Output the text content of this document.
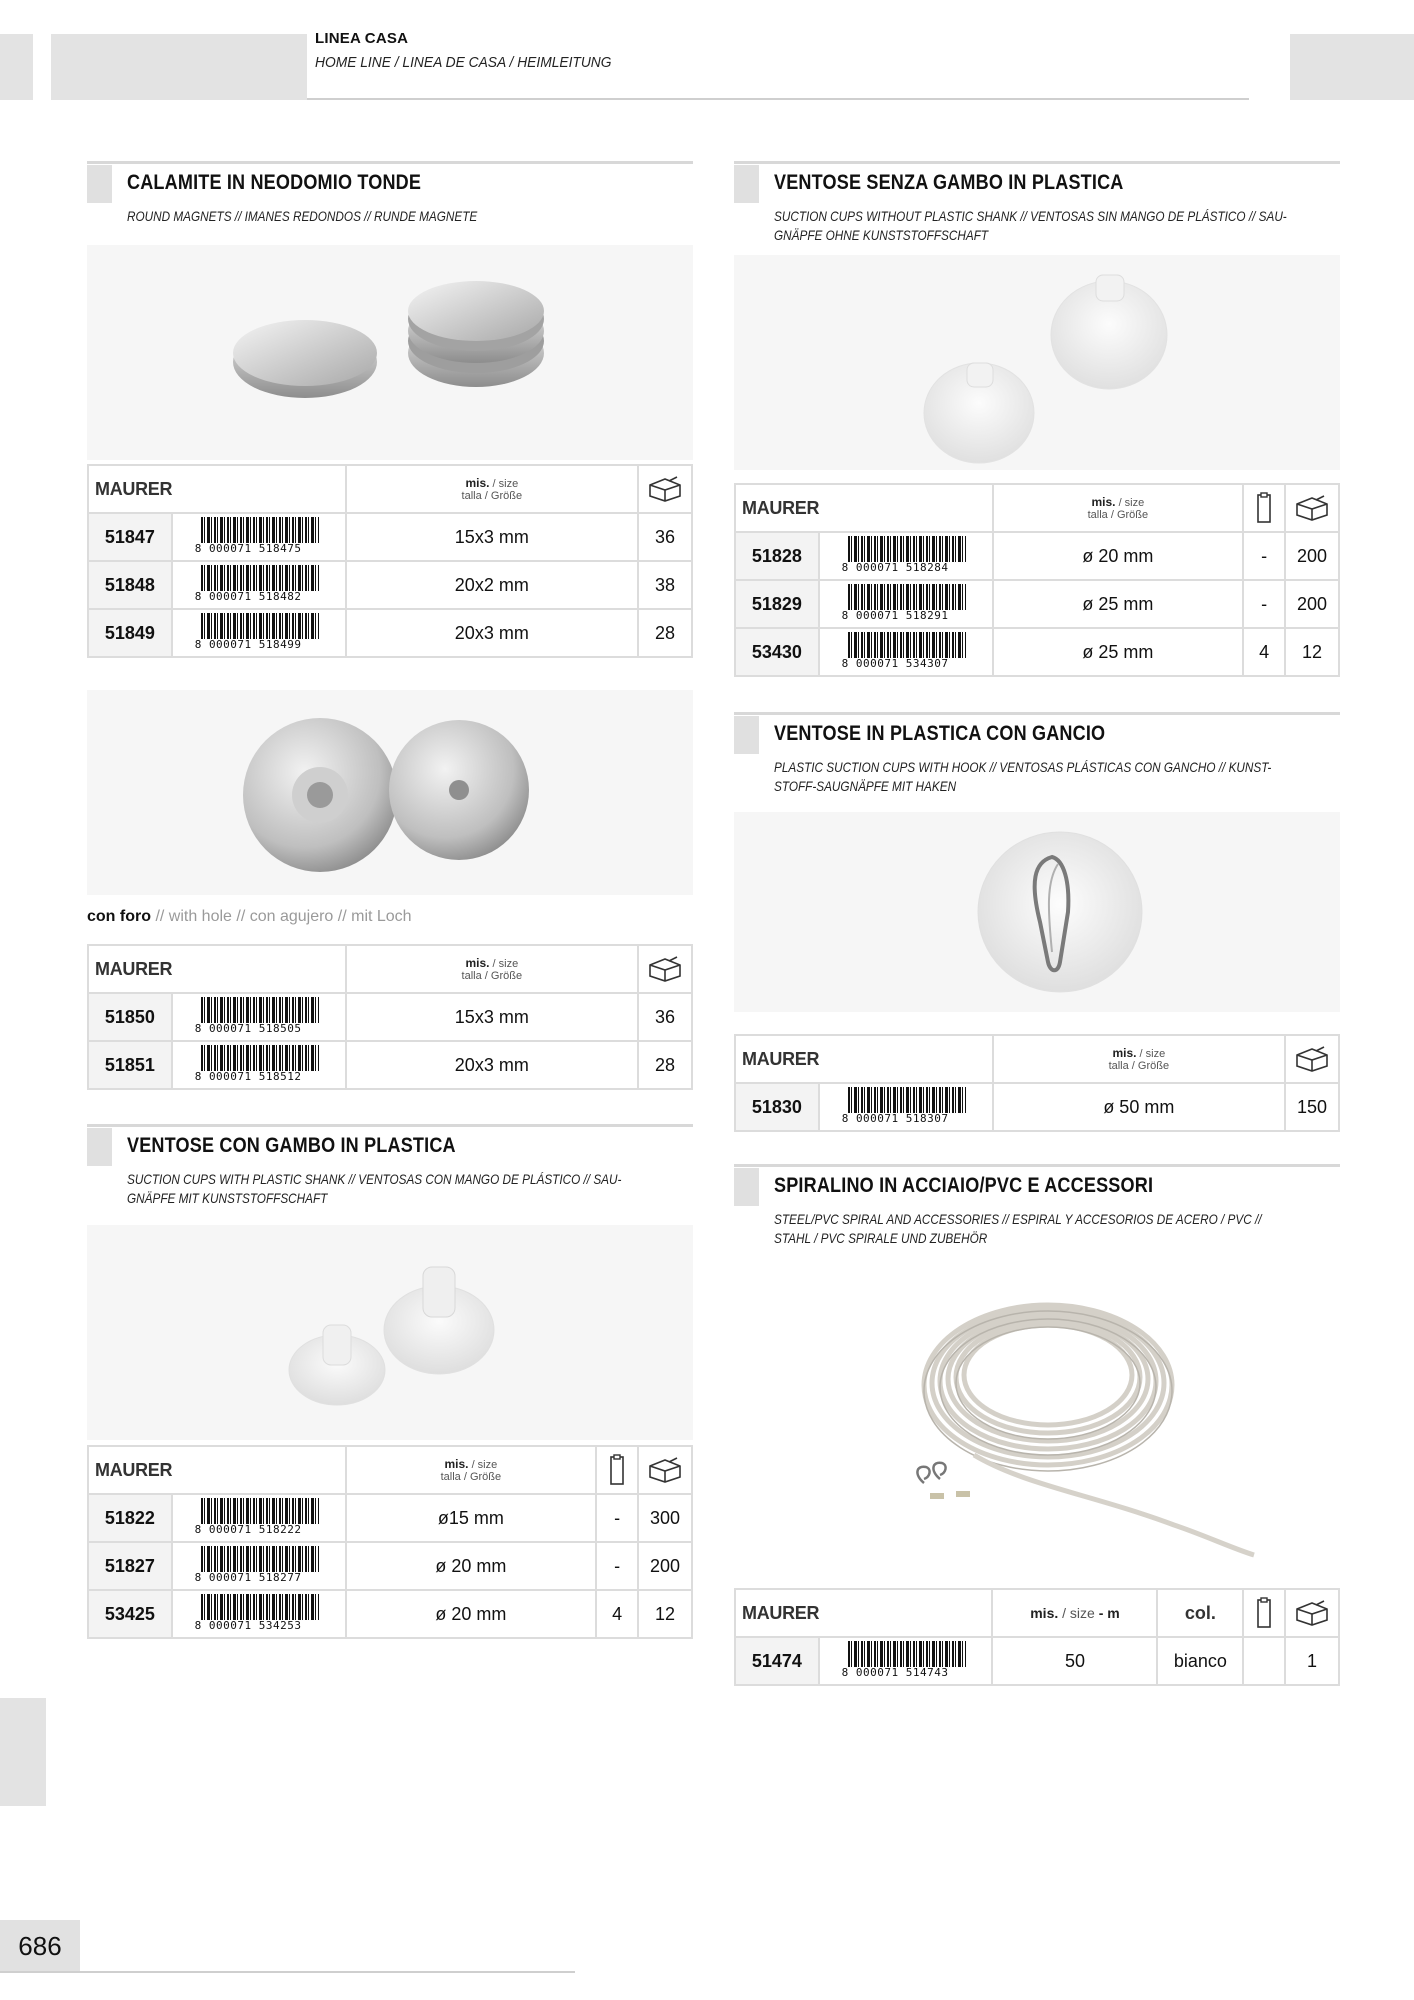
LINEA CASA
HOME LINE / LINEA DE CASA / HEIMLEITUNG
CALAMITE IN NEODOMIO TONDE
ROUND MAGNETS // IMANES REDONDOS // RUNDE MAGNETE
MAURER		mis. / size
talla / Größe

51847	8 000071 518475	15x3 mm	36
51848	8 000071 518482	20x2 mm	38
51849	8 000071 518499	20x3 mm	28
con foro // with hole // con agujero // mit Loch
MAURER		mis. / size
talla / Größe

51850	8 000071 518505	15x3 mm	36
51851	8 000071 518512	20x3 mm	28
VENTOSE CON GAMBO IN PLASTICA
SUCTION CUPS WITH PLASTIC SHANK // VENTOSAS CON MANGO DE PLÁSTICO // SAU- GNÄPFE MIT KUNSTSTOFFSCHAFT
MAURER		mis. / size
talla / Größe

51822	8 000071 518222	ø15 mm	-	300
51827	8 000071 518277	ø 20 mm	-	200
53425	8 000071 534253	ø 20 mm	4	12
VENTOSE SENZA GAMBO IN PLASTICA
SUCTION CUPS WITHOUT PLASTIC SHANK // VENTOSAS SIN MANGO DE PLÁSTICO // SAU- GNÄPFE OHNE KUNSTSTOFFSCHAFT
MAURER		mis. / size
talla / Größe

51828	8 000071 518284	ø 20 mm	-	200
51829	8 000071 518291	ø 25 mm	-	200
53430	8 000071 534307	ø 25 mm	4	12
VENTOSE IN PLASTICA CON GANCIO
PLASTIC SUCTION CUPS WITH HOOK // VENTOSAS PLÁSTICAS CON GANCHO // KUNST- STOFF-SAUGNÄPFE MIT HAKEN
MAURER		mis. / size
talla / Größe

51830	8 000071 518307	ø 50 mm	150
SPIRALINO IN ACCIAIO/PVC E ACCESSORI
STEEL/PVC SPIRAL AND ACCESSORIES // ESPIRAL Y ACCESORIOS DE ACERO / PVC // STAHL / PVC SPIRALE UND ZUBEHÖR
MAURER		mis. / size - m	col.	

51474	8 000071 514743	50	bianco		1
686
